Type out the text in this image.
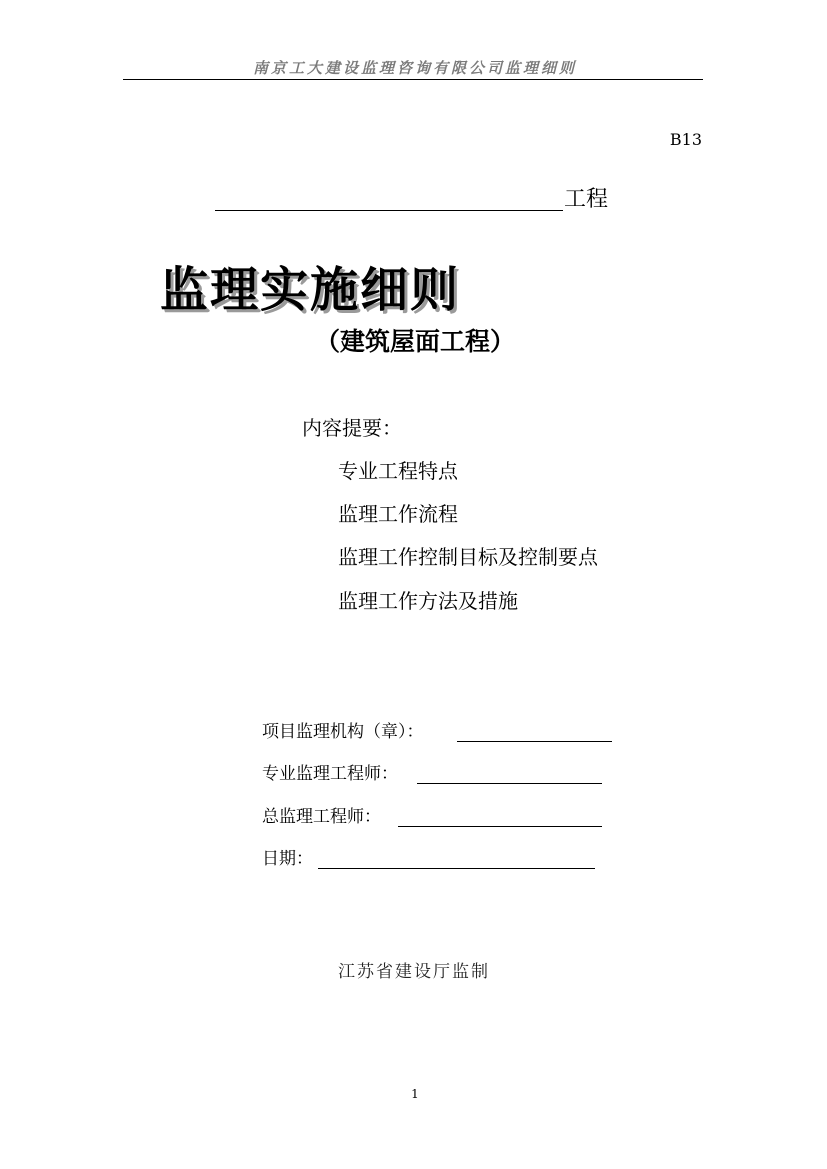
南京工大建设监理咨询有限公司监理细则
B13
工程
监理实施细则
（建筑屋面工程）
内容提要：
专业工程特点
监理工作流程
监理工作控制目标及控制要点
监理工作方法及措施
项目监理机构（章）：
专业监理工程师：
总监理工程师：
日期：
江苏省建设厅监制
1
